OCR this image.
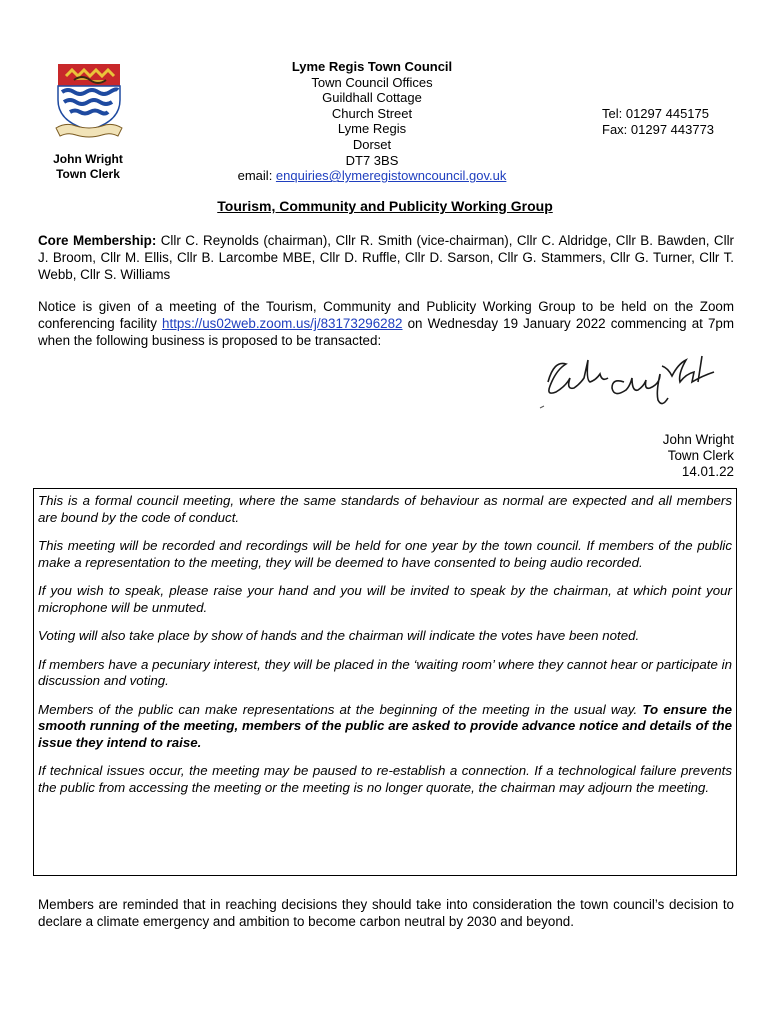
John Wright
Town Clerk
Lyme Regis Town Council
Town Council Offices
Guildhall Cottage
Church Street
Lyme Regis
Dorset
DT7 3BS
email: enquiries@lymeregistowncouncil.gov.uk
Tel: 01297 445175
Fax: 01297 443773
Tourism, Community and Publicity Working Group
Core Membership: Cllr C. Reynolds (chairman), Cllr R. Smith (vice-chairman), Cllr C. Aldridge, Cllr B. Bawden, Cllr J. Broom, Cllr M. Ellis, Cllr B. Larcombe MBE, Cllr D. Ruffle, Cllr D. Sarson, Cllr G. Stammers, Cllr G. Turner, Cllr T. Webb, Cllr S. Williams
Notice is given of a meeting of the Tourism, Community and Publicity Working Group to be held on the Zoom conferencing facility https://us02web.zoom.us/j/83173296282 on Wednesday 19 January 2022 commencing at 7pm when the following business is proposed to be transacted:
John Wright
Town Clerk
14.01.22

This is a formal council meeting, where the same standards of behaviour as normal are expected and all members are bound by the code of conduct.

This meeting will be recorded and recordings will be held for one year by the town council. If members of the public make a representation to the meeting, they will be deemed to have consented to being audio recorded.

If you wish to speak, please raise your hand and you will be invited to speak by the chairman, at which point your microphone will be unmuted.

Voting will also take place by show of hands and the chairman will indicate the votes have been noted.

If members have a pecuniary interest, they will be placed in the ‘waiting room’ where they cannot hear or participate in discussion and voting.

Members of the public can make representations at the beginning of the meeting in the usual way. To ensure the smooth running of the meeting, members of the public are asked to provide advance notice and details of the issue they intend to raise.

If technical issues occur, the meeting may be paused to re-establish a connection. If a technological failure prevents the public from accessing the meeting or the meeting is no longer quorate, the chairman may adjourn the meeting.

Members are reminded that in reaching decisions they should take into consideration the town council’s decision to declare a climate emergency and ambition to become carbon neutral by 2030 and beyond.
